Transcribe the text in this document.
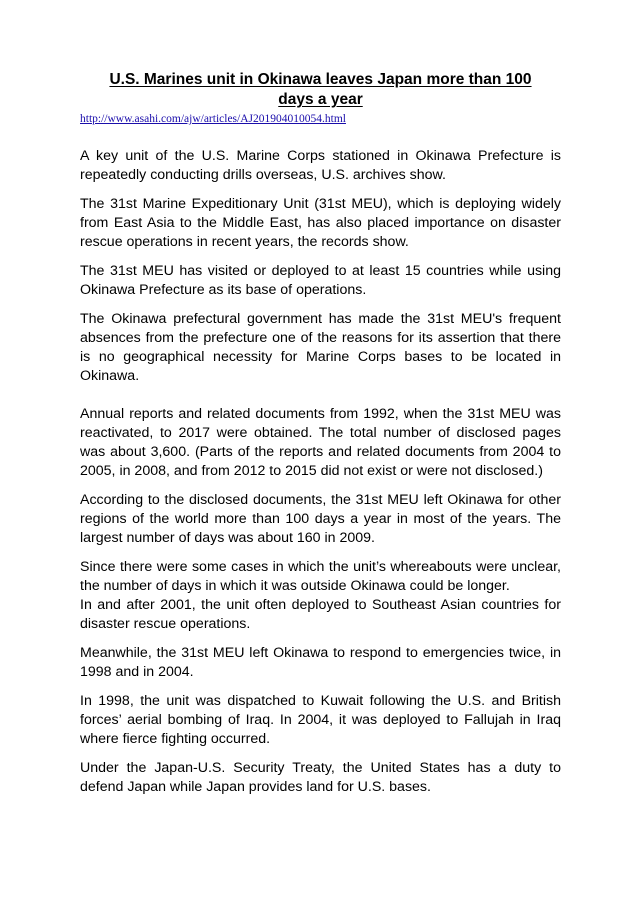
U.S. Marines unit in Okinawa leaves Japan more than 100
days a year
http://www.asahi.com/ajw/articles/AJ201904010054.html

A key unit of the U.S. Marine Corps stationed in Okinawa Prefecture is repeatedly conducting drills overseas, U.S. archives show.

The 31st Marine Expeditionary Unit (31st MEU), which is deploying widely from East Asia to the Middle East, has also placed importance on disaster rescue operations in recent years, the records show.

The 31st MEU has visited or deployed to at least 15 countries while using Okinawa Prefecture as its base of operations.

The Okinawa prefectural government has made the 31st MEU's frequent absences from the prefecture one of the reasons for its assertion that there is no geographical necessity for Marine Corps bases to be located in Okinawa.

Annual reports and related documents from 1992, when the 31st MEU was reactivated, to 2017 were obtained. The total number of disclosed pages was about 3,600. (Parts of the reports and related documents from 2004 to 2005, in 2008, and from 2012 to 2015 did not exist or were not disclosed.)

According to the disclosed documents, the 31st MEU left Okinawa for other regions of the world more than 100 days a year in most of the years. The largest number of days was about 160 in 2009.

Since there were some cases in which the unit’s whereabouts were unclear, the number of days in which it was outside Okinawa could be longer.

In and after 2001, the unit often deployed to Southeast Asian countries for disaster rescue operations.

Meanwhile, the 31st MEU left Okinawa to respond to emergencies twice, in 1998 and in 2004.

In 1998, the unit was dispatched to Kuwait following the U.S. and British forces’ aerial bombing of Iraq. In 2004, it was deployed to Fallujah in Iraq where fierce fighting occurred.

Under the Japan-U.S. Security Treaty, the United States has a duty to defend Japan while Japan provides land for U.S. bases.
